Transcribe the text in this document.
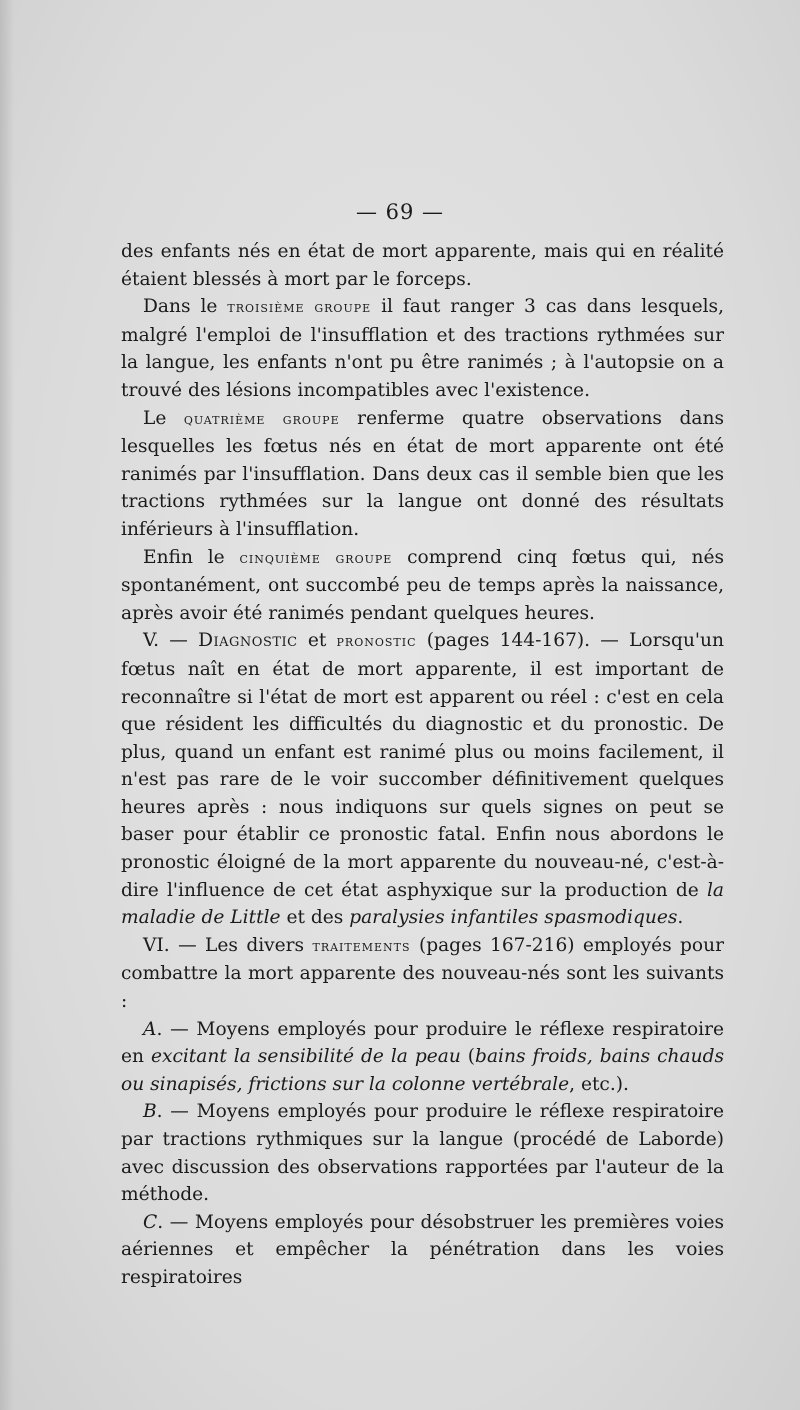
— 69 —

des enfants nés en état de mort apparente, mais qui en réalité étaient blessés à mort par le forceps.

Dans le troisième groupe il faut ranger 3 cas dans lesquels, malgré l'emploi de l'insufflation et des tractions rythmées sur la langue, les enfants n'ont pu être ranimés ; à l'autopsie on a trouvé des lésions incompatibles avec l'existence.

Le quatrième groupe renferme quatre observations dans lesquelles les fœtus nés en état de mort apparente ont été ranimés par l'insufflation. Dans deux cas il semble bien que les tractions rythmées sur la langue ont donné des résultats inférieurs à l'insufflation.

Enfin le cinquième groupe comprend cinq fœtus qui, nés spontanément, ont succombé peu de temps après la naissance, après avoir été ranimés pendant quelques heures.

V. — Diagnostic et pronostic (pages 144-167). — Lorsqu'un fœtus naît en état de mort apparente, il est important de reconnaître si l'état de mort est apparent ou réel : c'est en cela que résident les difficultés du diagnostic et du pronostic. De plus, quand un enfant est ranimé plus ou moins facilement, il n'est pas rare de le voir succomber définitivement quelques heures après : nous indiquons sur quels signes on peut se baser pour établir ce pronostic fatal. Enfin nous abordons le pronostic éloigné de la mort apparente du nouveau-né, c'est-à-dire l'influence de cet état asphyxique sur la production de la maladie de Little et des paralysies infantiles spasmodiques.

VI. — Les divers traitements (pages 167-216) employés pour combattre la mort apparente des nouveau-nés sont les suivants :

A. — Moyens employés pour produire le réflexe respiratoire en excitant la sensibilité de la peau (bains froids, bains chauds ou sinapisés, frictions sur la colonne vertébrale, etc.).

B. — Moyens employés pour produire le réflexe respiratoire par tractions rythmiques sur la langue (procédé de Laborde) avec discussion des observations rapportées par l'auteur de la méthode.

C. — Moyens employés pour désobstruer les premières voies aériennes et empêcher la pénétration dans les voies respiratoires
